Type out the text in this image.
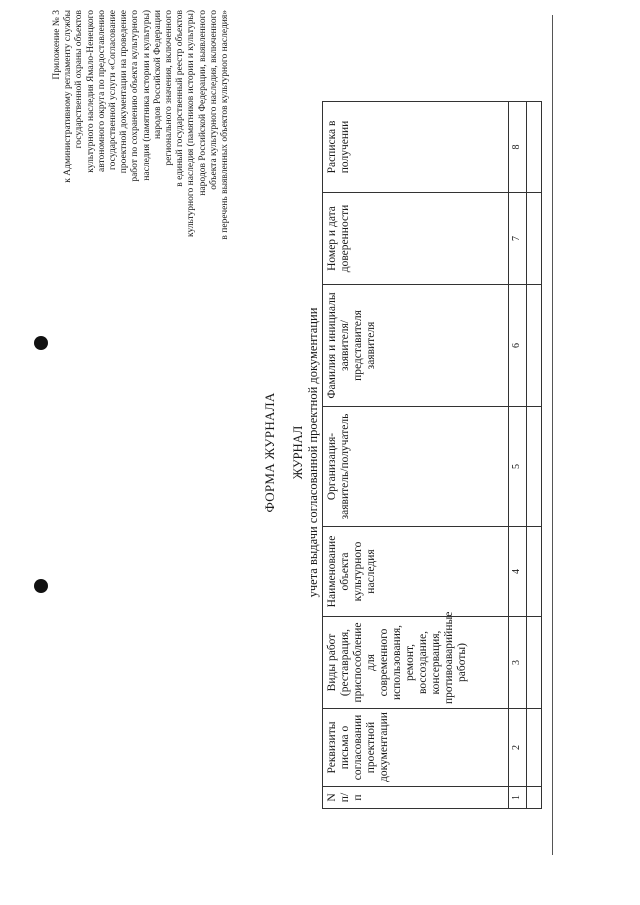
Приложение № 3 к Административному регламенту службы государственной охраны объектов культурного наследия Ямало-Ненецкого автономного округа по предоставлению государственной услуги «Согласование проектной документации на проведение работ по сохранению объекта культурного наследия (памятника истории и культуры) народов Российской Федерации регионального значения, включенного в единый государственный реестр объектов культурного наследия (памятников истории и культуры) народов Российской Федерации, выявленного объекта культурного наследия, включенного в перечень выявленных объектов культурного наследия»
ФОРМА ЖУРНАЛА ЖУРНАЛ учета выдачи согласованной проектной документации
N п/п	Реквизиты письма о согласовании проектной документации	Виды работ (реставрация, приспособление для современного использования, ремонт, воссоздание, консервация, противоаварийные работы)	Наименование объекта культурного наследия	Организация-заявитель/получатель	Фамилия и инициалы заявителя/представителя заявителя	Номер и дата доверенности	Расписка в получении
1	2	3	4	5	6	7	8
